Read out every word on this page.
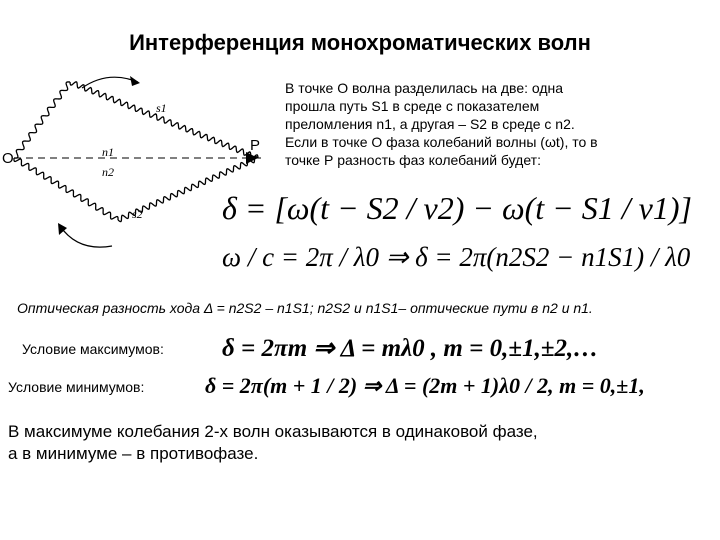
Интерференция монохроматических волн
O
P
s1
s2
n1
n2

В точке О волна разделилась на две: одна

прошла путь S1 в среде с показателем

преломления n1, а другая – S2 в среде с n2.

Если в точке О фаза колебаний волны (ωt), то в

точке Р разность фаз колебаний будет:

δ = [ω(t − S2 / v2) − ω(t − S1 / v1)]
ω / c = 2π / λ0 ⇒ δ = 2π(n2S2 − n1S1) / λ0
Оптическая разность хода Δ = n2S2 – n1S1; n2S2 и n1S1– оптические пути в n2 и n1.
Условие максимумов: δ = 2πm ⇒ Δ = mλ0 , m = 0,±1,±2,…
Условие минимумов:	δ = 2π(m + 1 / 2) ⇒ Δ = (2m + 1)λ0 / 2, m = 0,±1,

В максимуме колебания 2-х волн оказываются в одинаковой фазе,

а в минимуме – в противофазе.
